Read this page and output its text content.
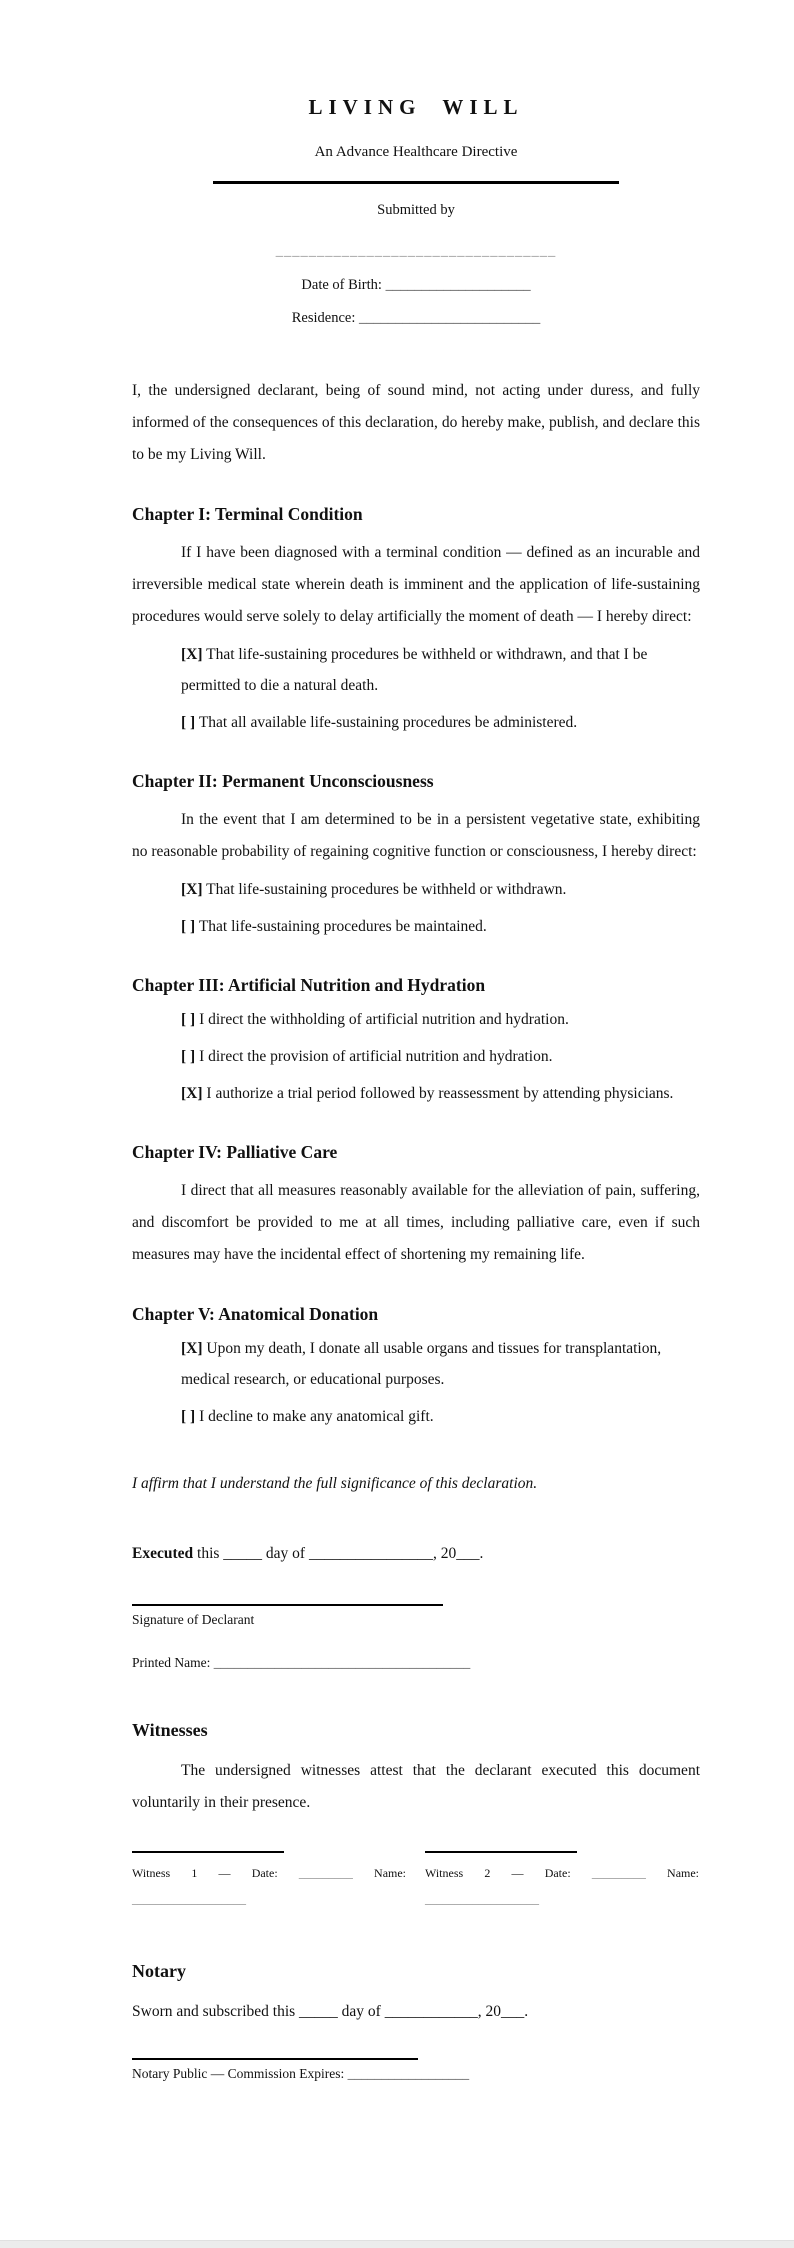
LIVING WILL
An Advance Healthcare Directive
Submitted by
__________________________________
Date of Birth: ____________________
Residence: _________________________

I, the undersigned declarant, being of sound mind, not acting under duress, and fully informed of the consequences of this declaration, do hereby make, publish, and declare this to be my Living Will.

Chapter I: Terminal Condition

If I have been diagnosed with a terminal condition — defined as an incurable and irreversible medical state wherein death is imminent and the application of life-sustaining procedures would serve solely to delay artificially the moment of death — I hereby direct:

[X] That life-sustaining procedures be withheld or withdrawn, and that I be permitted to die a natural death.

[ ] That all available life-sustaining procedures be administered.

Chapter II: Permanent Unconsciousness

In the event that I am determined to be in a persistent vegetative state, exhibiting no reasonable probability of regaining cognitive function or consciousness, I hereby direct:

[X] That life-sustaining procedures be withheld or withdrawn.

[ ] That life-sustaining procedures be maintained.

Chapter III: Artificial Nutrition and Hydration

[ ] I direct the withholding of artificial nutrition and hydration.

[ ] I direct the provision of artificial nutrition and hydration.

[X] I authorize a trial period followed by reassessment by attending physicians.

Chapter IV: Palliative Care

I direct that all measures reasonably available for the alleviation of pain, suffering, and discomfort be provided to me at all times, including palliative care, even if such measures may have the incidental effect of shortening my remaining life.

Chapter V: Anatomical Donation

[X] Upon my death, I donate all usable organs and tissues for transplantation, medical research, or educational purposes.

[ ] I decline to make any anatomical gift.

I affirm that I understand the full significance of this declaration.

Executed this _____ day of ________________, 20___.

Signature of Declarant
Printed Name: ______________________________________
Witnesses

The undersigned witnesses attest that the declarant executed this document voluntarily in their presence.

Witness 1 — Date: _________ Name: ___________________

Witness 2 — Date: _________ Name: ___________________

Notary

Sworn and subscribed this _____ day of ____________, 20___.

Notary Public — Commission Expires: __________________
